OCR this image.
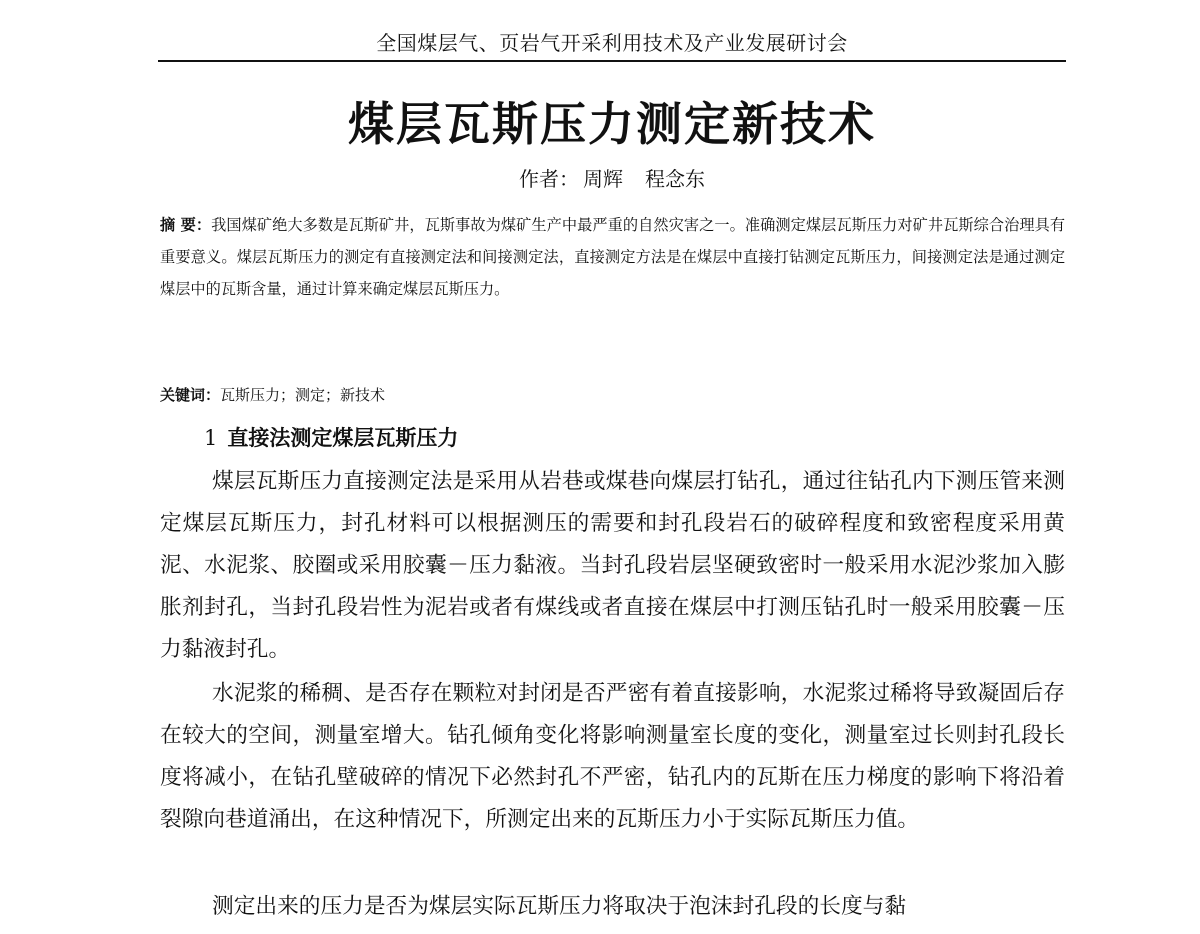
全国煤层气、页岩气开采利用技术及产业发展研讨会
煤层瓦斯压力测定新技术
作者： 周辉 程念东
摘 要：我国煤矿绝大多数是瓦斯矿井，瓦斯事故为煤矿生产中最严重的自然灾害之一。准确测定煤层瓦斯压力对矿井瓦斯综合治理具有重要意义。煤层瓦斯压力的测定有直接测定法和间接测定法，直接测定方法是在煤层中直接打钻测定瓦斯压力，间接测定法是通过测定煤层中的瓦斯含量，通过计算来确定煤层瓦斯压力。
关键词：瓦斯压力；测定；新技术
1 直接法测定煤层瓦斯压力

煤层瓦斯压力直接测定法是采用从岩巷或煤巷向煤层打钻孔，通过往钻孔内下测压管来测定煤层瓦斯压力，封孔材料可以根据测压的需要和封孔段岩石的破碎程度和致密程度采用黄泥、水泥浆、胶圈或采用胶囊－压力黏液。当封孔段岩层坚硬致密时一般采用水泥沙浆加入膨胀剂封孔，当封孔段岩性为泥岩或者有煤线或者直接在煤层中打测压钻孔时一般采用胶囊－压力黏液封孔。

水泥浆的稀稠、是否存在颗粒对封闭是否严密有着直接影响，水泥浆过稀将导致凝固后存在较大的空间，测量室增大。钻孔倾角变化将影响测量室长度的变化，测量室过长则封孔段长度将减小，在钻孔壁破碎的情况下必然封孔不严密，钻孔内的瓦斯在压力梯度的影响下将沿着裂隙向巷道涌出，在这种情况下，所测定出来的瓦斯压力小于实际瓦斯压力值。

测定出来的压力是否为煤层实际瓦斯压力将取决于泡沫封孔段的长度与黏
